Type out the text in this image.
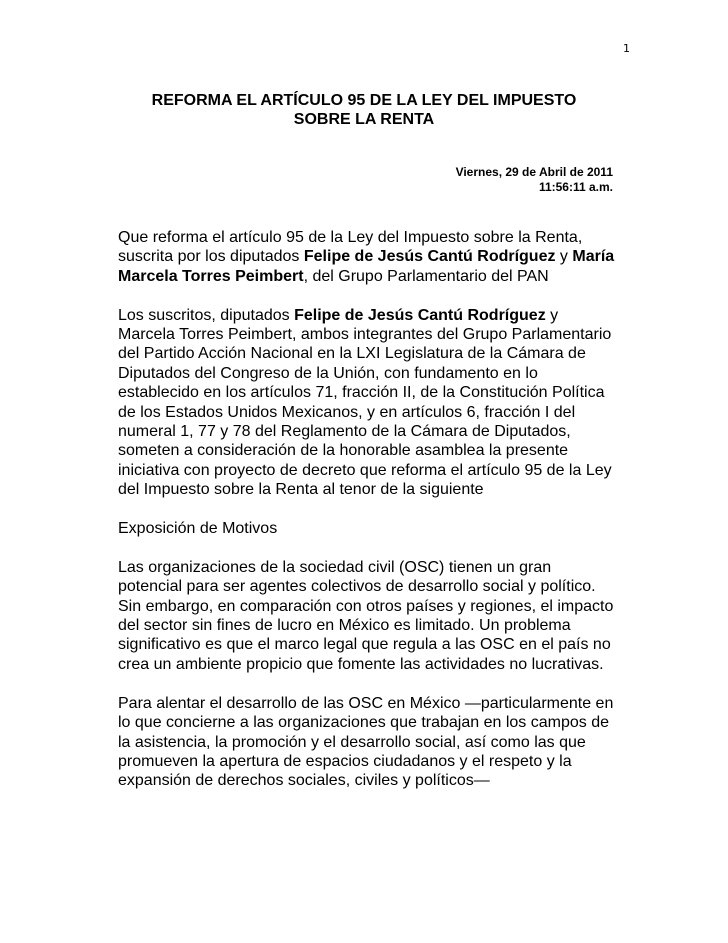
1
REFORMA EL ARTÍCULO 95 DE LA LEY DEL IMPUESTO
SOBRE LA RENTA
Viernes, 29 de Abril de 2011
11:56:11 a.m.

Que reforma el artículo 95 de la Ley del Impuesto sobre la Renta, suscrita por los diputados Felipe de Jesús Cantú Rodríguez y María Marcela Torres Peimbert, del Grupo Parlamentario del PAN

Los suscritos, diputados Felipe de Jesús Cantú Rodríguez y Marcela Torres Peimbert, ambos integrantes del Grupo Parlamentario del Partido Acción Nacional en la LXI Legislatura de la Cámara de Diputados del Congreso de la Unión, con fundamento en lo establecido en los artículos 71, fracción II, de la Constitución Política de los Estados Unidos Mexicanos, y en artículos 6, fracción I del numeral 1, 77 y 78 del Reglamento de la Cámara de Diputados, someten a consideración de la honorable asamblea la presente iniciativa con proyecto de decreto que reforma el artículo 95 de la Ley del Impuesto sobre la Renta al tenor de la siguiente

Exposición de Motivos

Las organizaciones de la sociedad civil (OSC) tienen un gran potencial para ser agentes colectivos de desarrollo social y político. Sin embargo, en comparación con otros países y regiones, el impacto del sector sin fines de lucro en México es limitado. Un problema significativo es que el marco legal que regula a las OSC en el país no crea un ambiente propicio que fomente las actividades no lucrativas.

Para alentar el desarrollo de las OSC en México —particularmente en lo que concierne a las organizaciones que trabajan en los campos de la asistencia, la promoción y el desarrollo social, así como las que promueven la apertura de espacios ciudadanos y el respeto y la expansión de derechos sociales, civiles y políticos—
